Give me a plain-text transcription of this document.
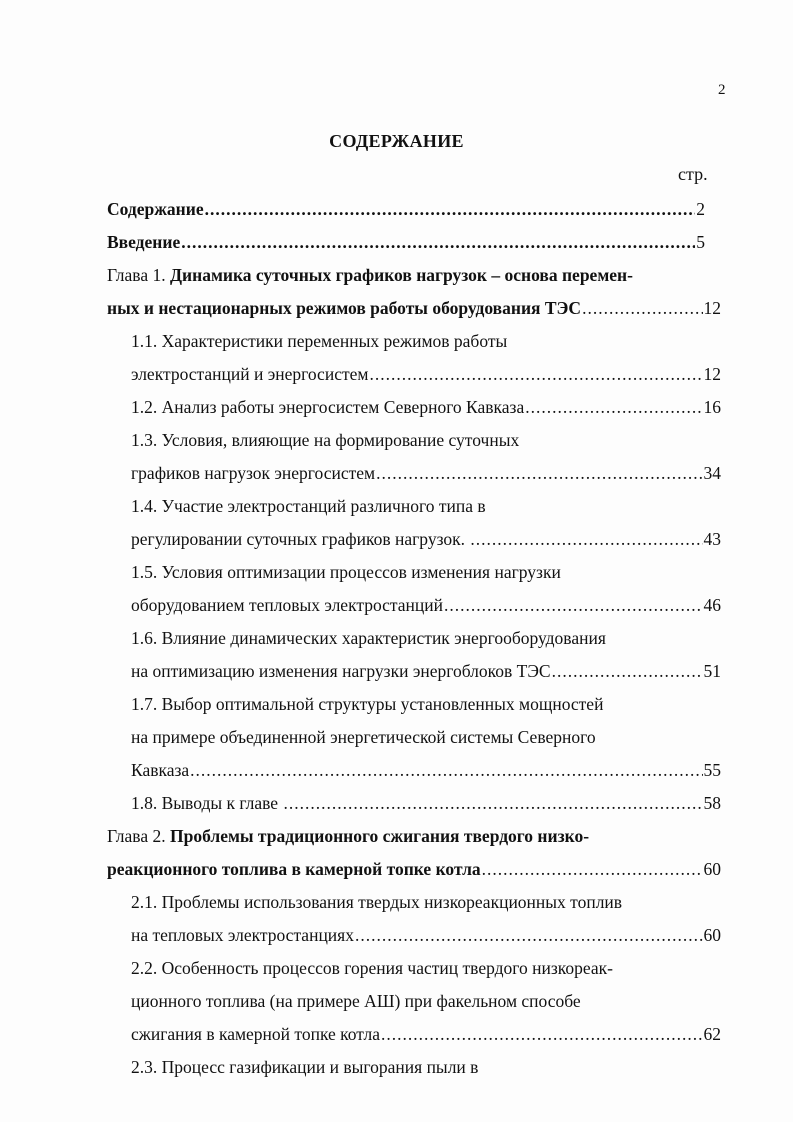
2
СОДЕРЖАНИЕ
стр.
Содержание .....	2
Введение .....	5
Глава 1. Динамика суточных графиков нагрузок – основа перемен-
ных и нестационарных режимов работы оборудования ТЭС .....	12
1.1. Характеристики переменных режимов работы
электростанций и энергосистем .....	12
1.2. Анализ работы энергосистем Северного Кавказа .....	16
1.3. Условия, влияющие на формирование суточных
графиков нагрузок энергосистем .....	34
1.4. Участие электростанций различного типа в
регулировании суточных графиков нагрузок. .....	43
1.5. Условия оптимизации процессов изменения нагрузки
оборудованием тепловых электростанций .....	46
1.6. Влияние динамических характеристик энергооборудования
на оптимизацию изменения нагрузки энергоблоков ТЭС .....	51
1.7. Выбор оптимальной структуры установленных мощностей
на примере объединенной энергетической системы Северного
Кавказа .....	55
1.8. Выводы к главе .....	58
Глава 2. Проблемы традиционного сжигания твердого низко-
реакционного топлива в камерной топке котла .....	60
2.1. Проблемы использования твердых низкореакционных топлив
на тепловых электростанциях .....	60
2.2. Особенность процессов горения частиц твердого низкореак-
ционного топлива (на примере АШ) при факельном способе
сжигания в камерной топке котла .....	62
2.3. Процесс газификации и выгорания пыли в
